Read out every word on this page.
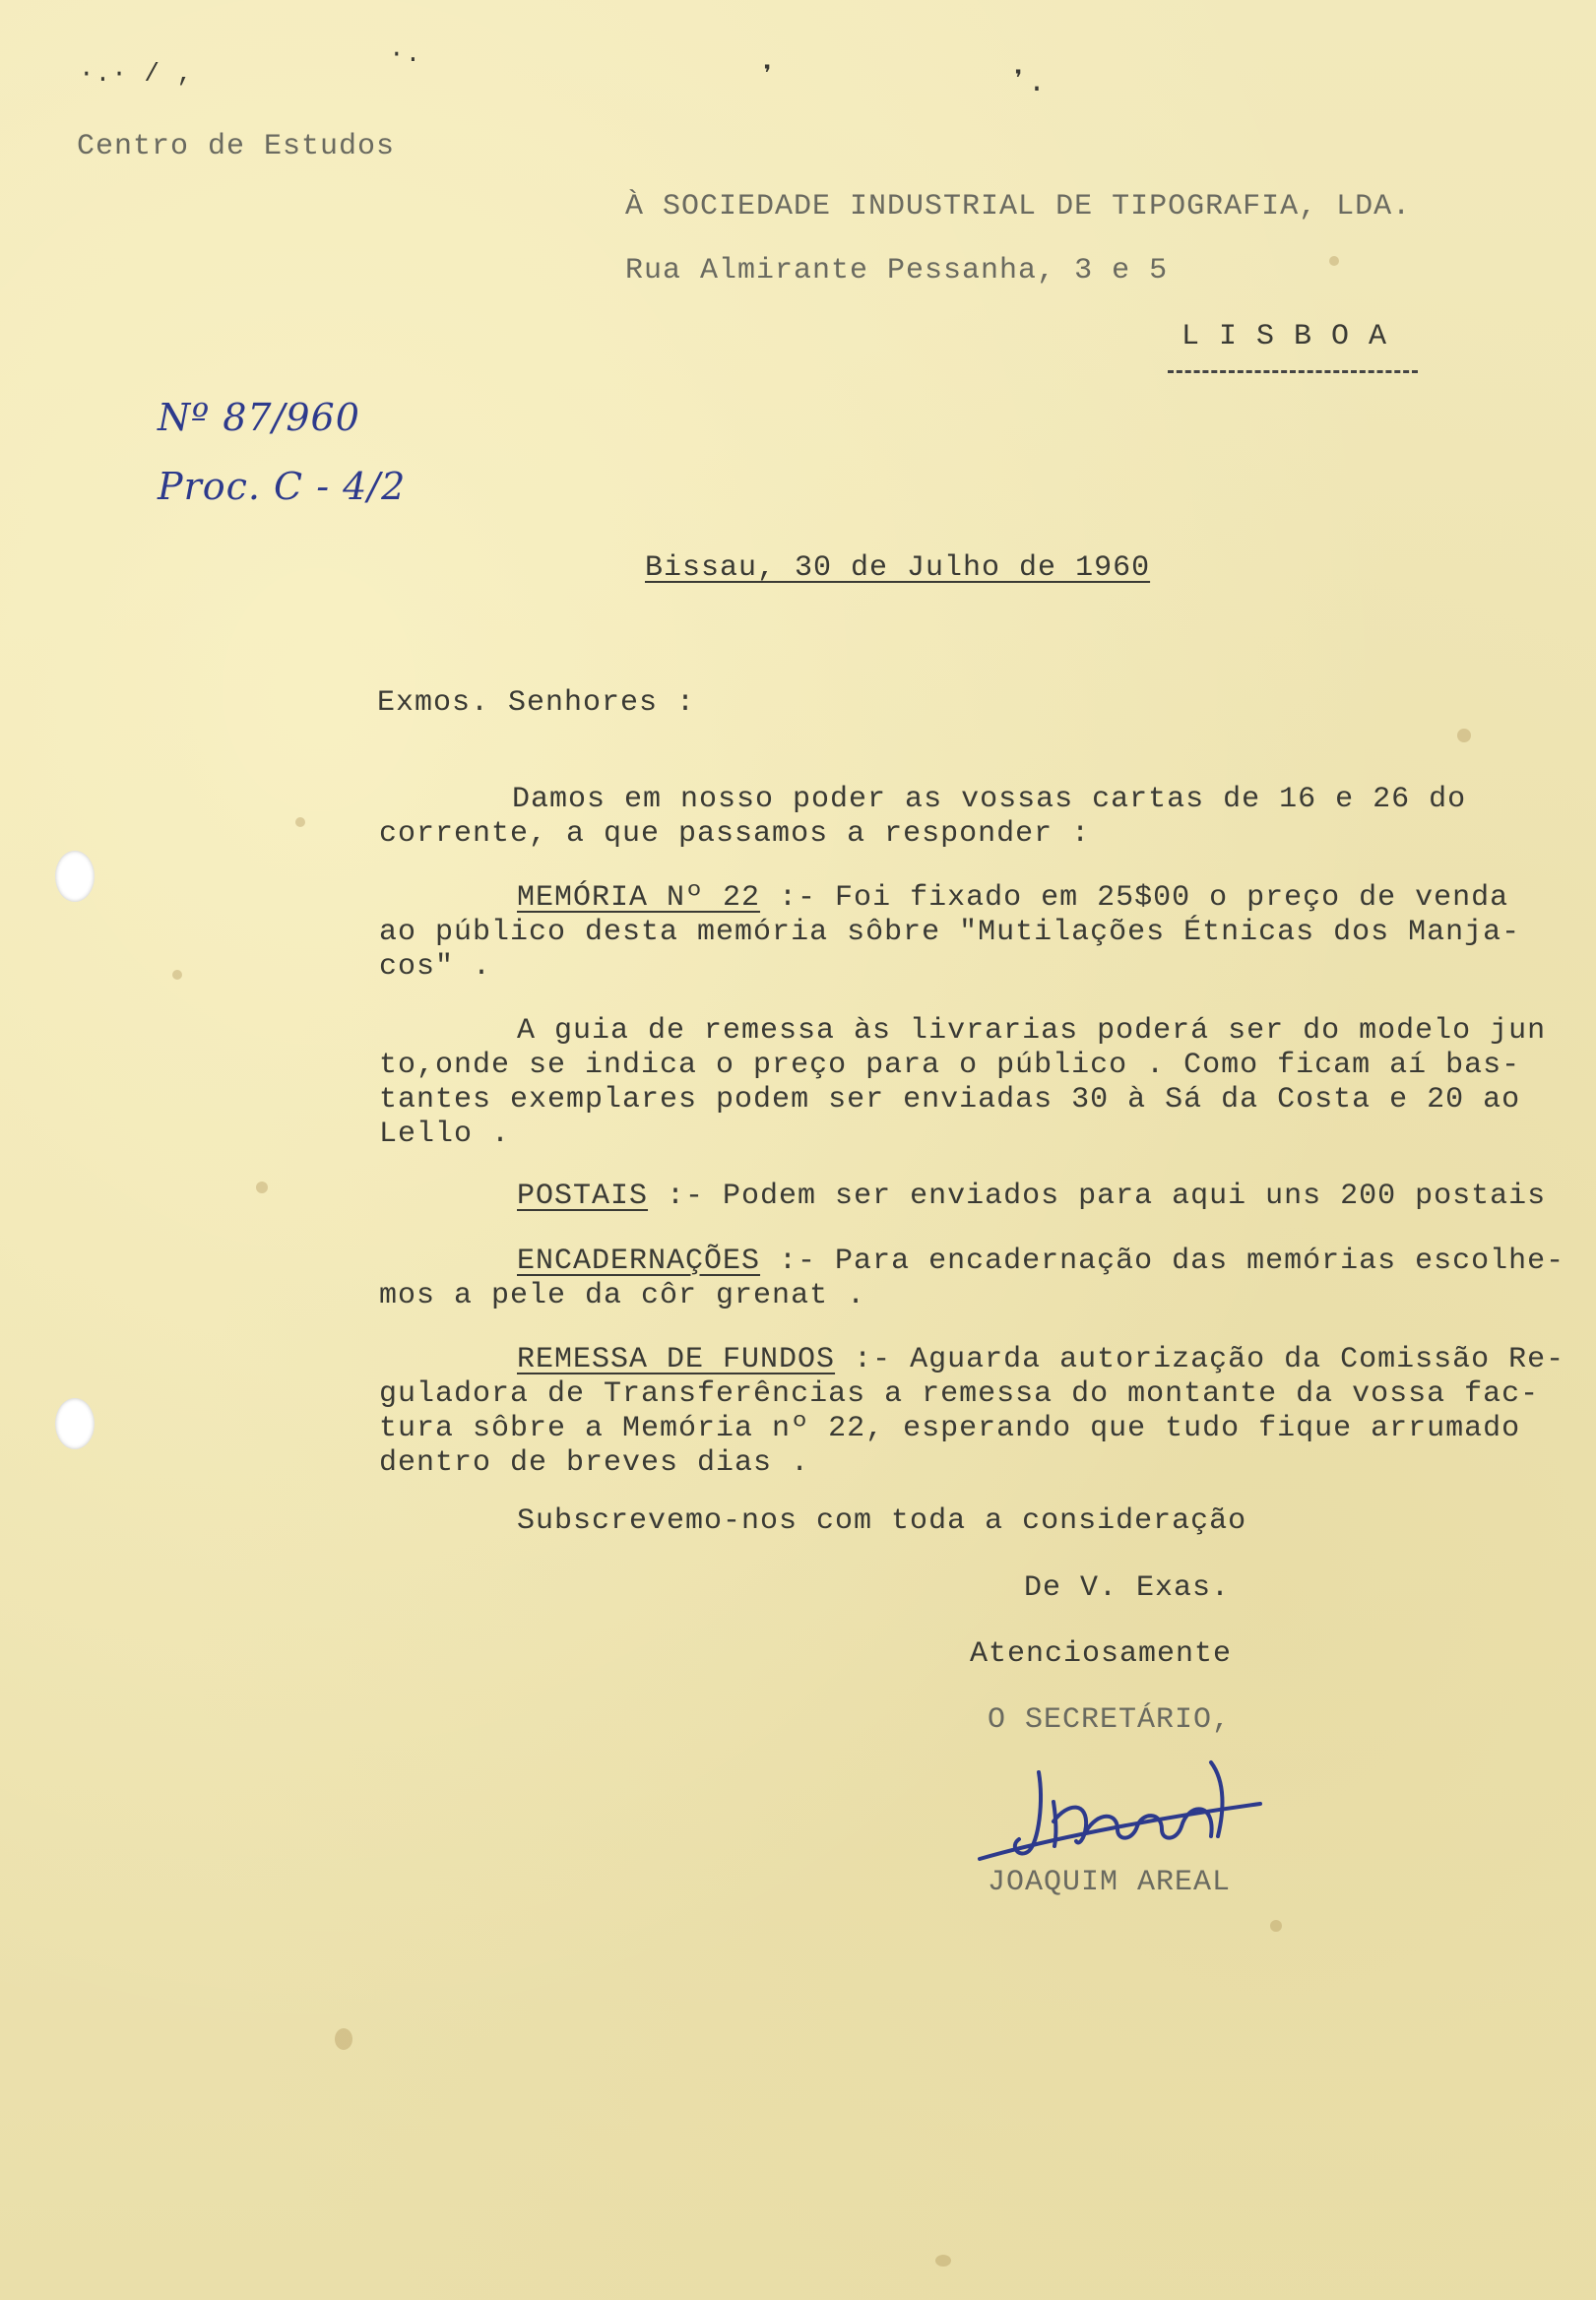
·.· / ,
·.
❜	❜.
Centro de Estudos
À SOCIEDADE INDUSTRIAL DE TIPOGRAFIA, LDA.
Rua Almirante Pessanha, 3 e 5
L I S B O A
Nº 87/960
Proc. C - 4/2
Bissau, 30 de Julho de 1960
Exmos. Senhores :
Damos em nosso poder as vossas cartas de 16 e 26 do
corrente, a que passamos a responder :
MEMÓRIA Nº 22 :- Foi fixado em 25$00 o preço de venda
ao público desta memória sôbre "Mutilações Étnicas dos Manja-
cos" .
A guia de remessa às livrarias poderá ser do modelo jun
to,onde se indica o preço para o público . Como ficam aí bas-
tantes exemplares podem ser enviadas 30 à Sá da Costa e 20 ao
Lello .
POSTAIS :- Podem ser enviados para aqui uns 200 postais
ENCADERNAÇÕES :- Para encadernação das memórias escolhe-
mos a pele da côr grenat .
REMESSA DE FUNDOS :- Aguarda autorização da Comissão Re-
guladora de Transferências a remessa do montante da vossa fac-
tura sôbre a Memória nº 22, esperando que tudo fique arrumado
dentro de breves dias .
Subscrevemo-nos com toda a consideração
De V. Exas.
Atenciosamente
O SECRETÁRIO,
JOAQUIM AREAL
